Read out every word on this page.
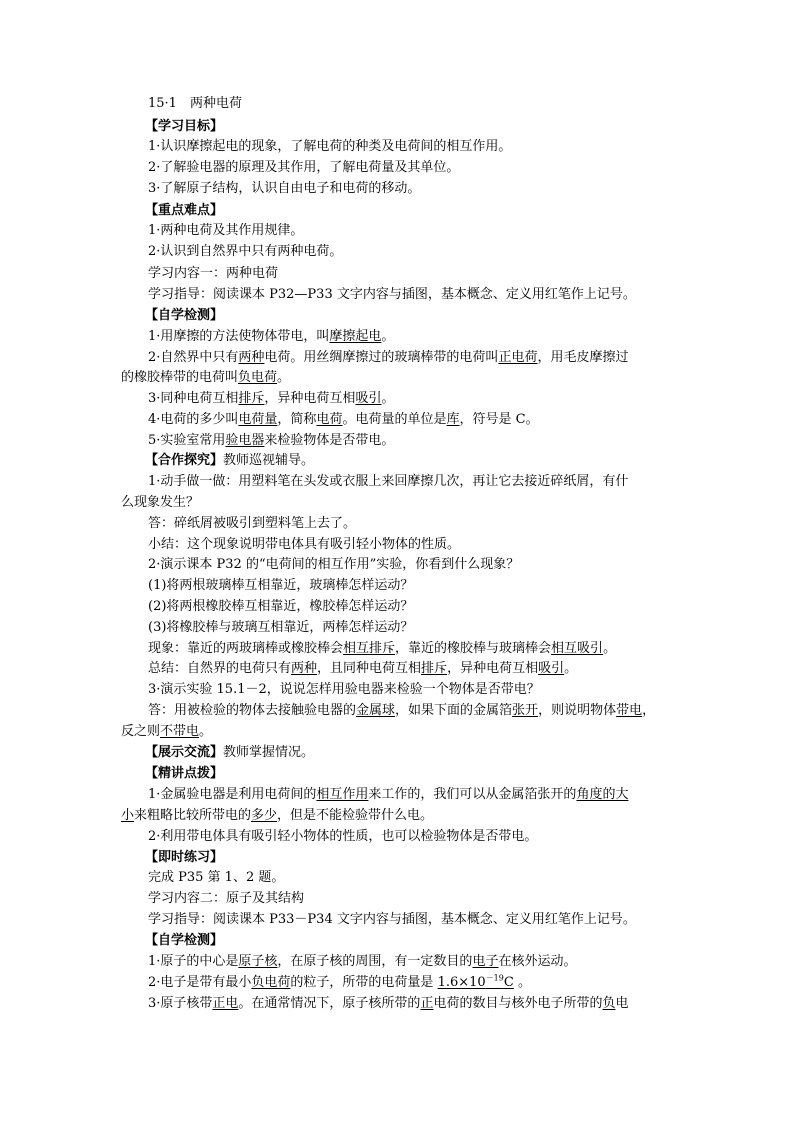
15·1　两种电荷
【学习目标】
1·认识摩擦起电的现象，了解电荷的种类及电荷间的相互作用。
2·了解验电器的原理及其作用，了解电荷量及其单位。
3·了解原子结构，认识自由电子和电荷的移动。
【重点难点】
1·两种电荷及其作用规律。
2·认识到自然界中只有两种电荷。
学习内容一：两种电荷
学习指导：阅读课本 P32—P33 文字内容与插图，基本概念、定义用红笔作上记号。
【自学检测】
1·用摩擦的方法使物体带电，叫摩擦起电。
2·自然界中只有两种电荷。用丝绸摩擦过的玻璃棒带的电荷叫正电荷，用毛皮摩擦过
的橡胶棒带的电荷叫负电荷。
3·同种电荷互相排斥，异种电荷互相吸引。
4·电荷的多少叫电荷量，简称电荷。电荷量的单位是库，符号是 C。
5·实验室常用验电器来检验物体是否带电。
【合作探究】教师巡视辅导。
1·动手做一做：用塑料笔在头发或衣服上来回摩擦几次，再让它去接近碎纸屑，有什
么现象发生？
答：碎纸屑被吸引到塑料笔上去了。
小结：这个现象说明带电体具有吸引轻小物体的性质。
2·演示课本 P32 的“电荷间的相互作用”实验，你看到什么现象？
(1)将两根玻璃棒互相靠近，玻璃棒怎样运动？
(2)将两根橡胶棒互相靠近，橡胶棒怎样运动？
(3)将橡胶棒与玻璃互相靠近，两棒怎样运动？
现象：靠近的两玻璃棒或橡胶棒会相互排斥，靠近的橡胶棒与玻璃棒会相互吸引。
总结：自然界的电荷只有两种，且同种电荷互相排斥，异种电荷互相吸引。
3·演示实验 15.1－2，说说怎样用验电器来检验一个物体是否带电？
答：用被检验的物体去接触验电器的金属球，如果下面的金属箔张开，则说明物体带电，
反之则不带电。
【展示交流】教师掌握情况。
【精讲点拨】
1·金属验电器是利用电荷间的相互作用来工作的，我们可以从金属箔张开的角度的大
小来粗略比较所带电的多少，但是不能检验带什么电。
2·利用带电体具有吸引轻小物体的性质，也可以检验物体是否带电。
【即时练习】
完成 P35 第 1、2 题。
学习内容二：原子及其结构
学习指导：阅读课本 P33－P34 文字内容与插图，基本概念、定义用红笔作上记号。
【自学检测】
1·原子的中心是原子核，在原子核的周围，有一定数目的电子在核外运动。
2·电子是带有最小负电荷的粒子，所带的电荷量是 $1.6\times 10^{-19}C$ 。
3·原子核带正电。在通常情况下，原子核所带的正电荷的数目与核外电子所带的负电
